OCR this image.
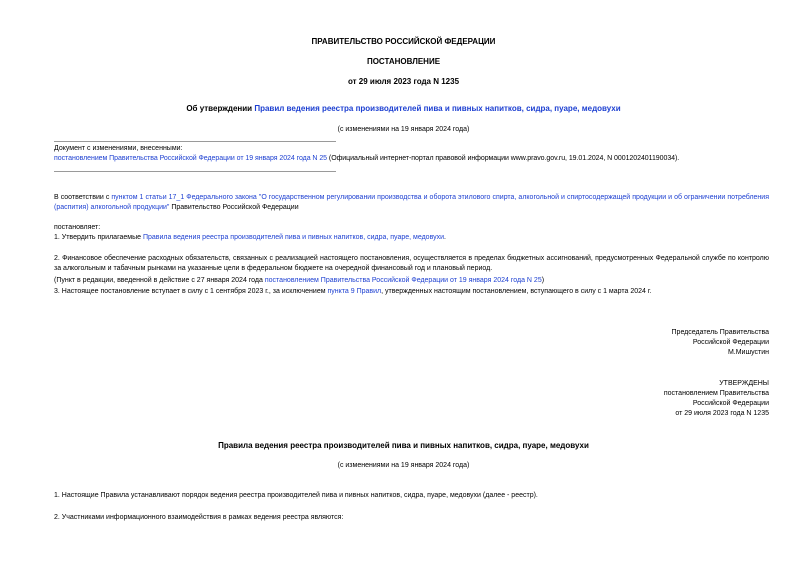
ПРАВИТЕЛЬСТВО РОССИЙСКОЙ ФЕДЕРАЦИИ
ПОСТАНОВЛЕНИЕ
от 29 июля 2023 года N 1235
Об утверждении Правил ведения реестра производителей пива и пивных напитков, сидра, пуаре, медовухи
(с изменениями на 19 января 2024 года)
Документ с изменениями, внесенными:
постановлением Правительства Российской Федерации от 19 января 2024 года N 25 (Официальный интернет-портал правовой информации www.pravo.gov.ru, 19.01.2024, N 0001202401190034).
В соответствии с пунктом 1 статьи 17_1 Федерального закона "О государственном регулировании производства и оборота этилового спирта, алкогольной и спиртосодержащей продукции и об ограничении потребления (распития) алкогольной продукции" Правительство Российской Федерации
постановляет:
1. Утвердить прилагаемые Правила ведения реестра производителей пива и пивных напитков, сидра, пуаре, медовухи.
2. Финансовое обеспечение расходных обязательств, связанных с реализацией настоящего постановления, осуществляется в пределах бюджетных ассигнований, предусмотренных Федеральной службе по контролю за алкогольным и табачным рынками на указанные цели в федеральном бюджете на очередной финансовый год и плановый период.
(Пункт в редакции, введенной в действие с 27 января 2024 года постановлением Правительства Российской Федерации от 19 января 2024 года N 25)
3. Настоящее постановление вступает в силу с 1 сентября 2023 г., за исключением пункта 9 Правил, утвержденных настоящим постановлением, вступающего в силу с 1 марта 2024 г.
Председатель Правительства
Российской Федерации
М.Мишустин
УТВЕРЖДЕНЫ
постановлением Правительства
Российской Федерации
от 29 июля 2023 года N 1235
Правила ведения реестра производителей пива и пивных напитков, сидра, пуаре, медовухи
(с изменениями на 19 января 2024 года)
1. Настоящие Правила устанавливают порядок ведения реестра производителей пива и пивных напитков, сидра, пуаре, медовухи (далее - реестр).
2. Участниками информационного взаимодействия в рамках ведения реестра являются:
